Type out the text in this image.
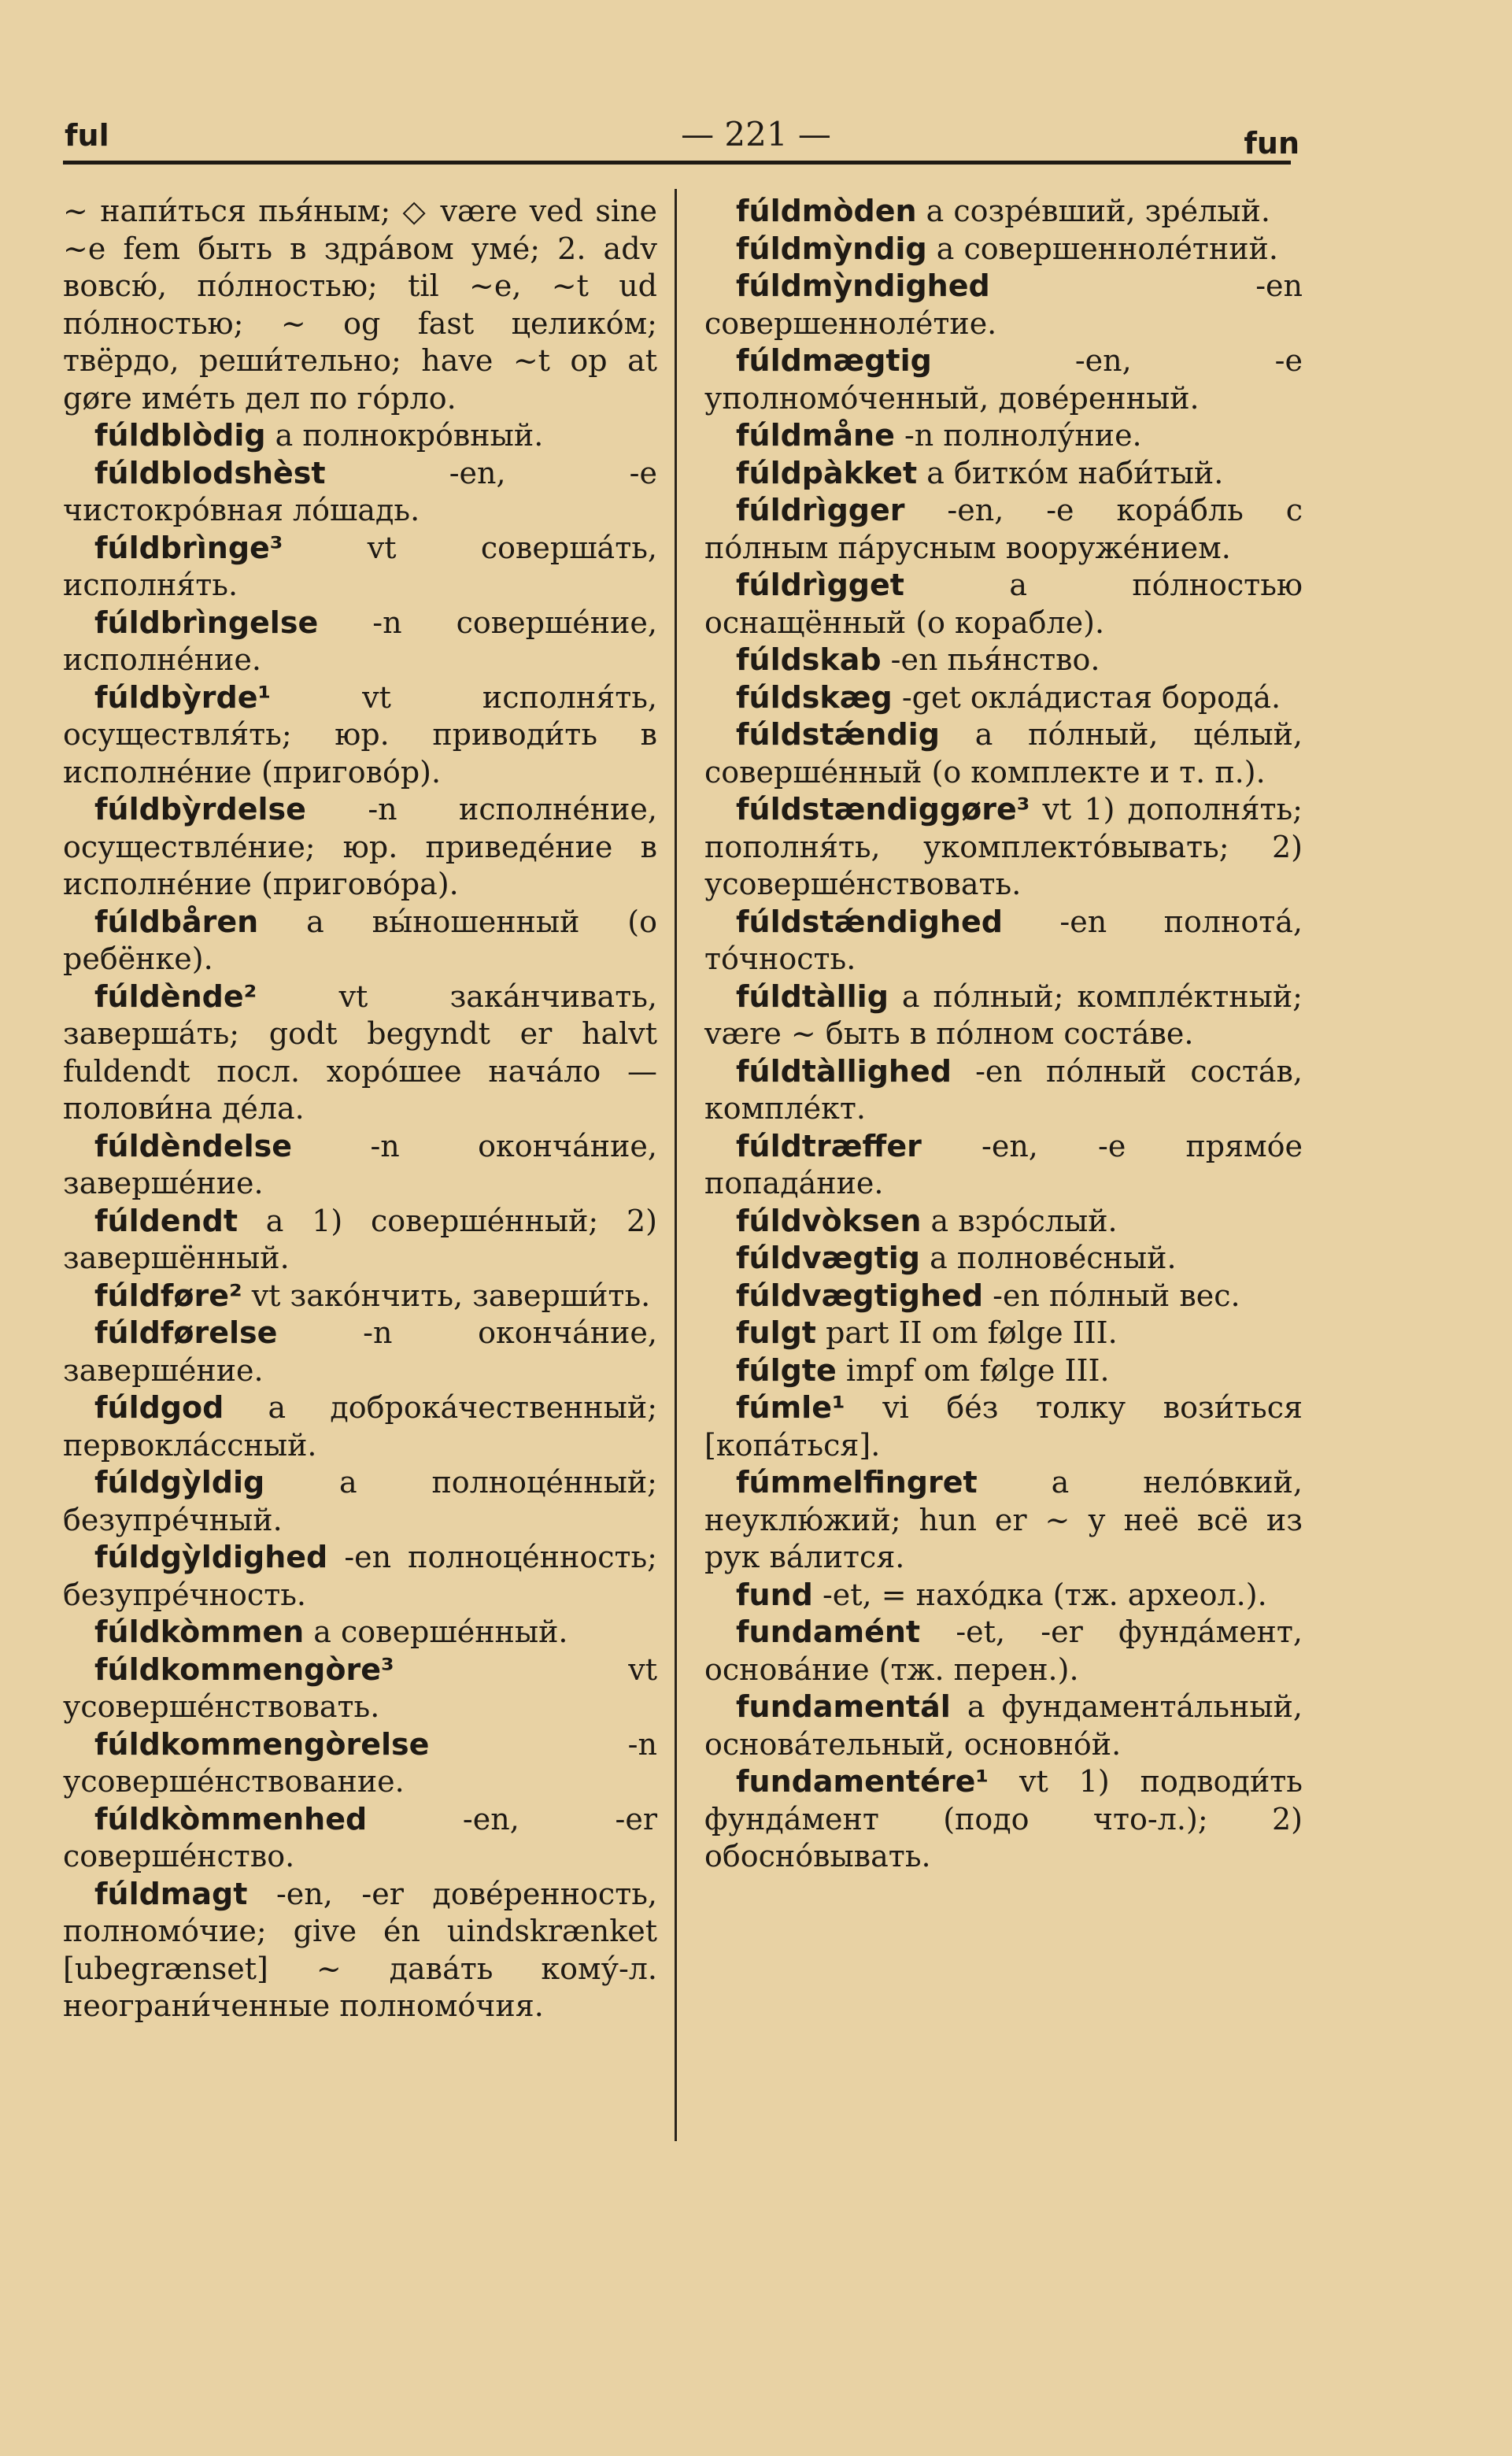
ful	— 221 —	fun

~ напи́ться пья́ным; ◇ være ved sine ~e fem быть в здра́вом уме́; 2. adv вовсю́, по́лностью; til ~e, ~t ud по́лностью; ~ og fast целико́м; твёрдо, реши́тельно; have ~t op at gøre име́ть дел по го́рло.

fúldblòdig a полнокро́вный.

fúldblodshèst	-en, -e чистокро́вная ло́шадь.

fúldbrìnge³	vt соверша́ть, исполня́ть.

fúldbrìngelse -n соверше́ние, исполне́ние.

fúldbỳrde¹	vt исполня́ть, осуществля́ть; юр. приводи́ть в исполне́ние (пригово́р).

fúldbỳrdelse -n исполне́ние, осуществле́ние; юр. приведе́ние в исполне́ние (пригово́ра).

fúldbåren a вы́ношенный (о ребёнке).

fúldènde²	vt зака́нчивать, заверша́ть; godt begyndt er halvt fuldendt посл. хоро́шее нача́ло — полови́на де́ла.

fúldèndelse	-n оконча́ние, заверше́ние.

fúldendt a 1) соверше́нный; 2) завершённый.

fúldføre² vt зако́нчить, заверши́ть.

fúldførelse	-n оконча́ние, заверше́ние.

fúldgod a доброка́чественный; первокла́ссный.

fúldgỳldig a полноце́нный; безупре́чный.

fúldgỳldighed -en полноце́нность; безупре́чность.

fúldkòmmen a соверше́нный.

fúldkommengòre³	vt усоверше́нствовать.

fúldkommengòrelse	-n усоверше́нствование.

fúldkòmmenhed	-en, -er соверше́нство.

fúldmagt -en, -er дове́ренность, полномо́чие; give én uindskrænket [ubegrænset] ~ дава́ть кому́-л. неограни́ченные полномо́чия.

fúldmòden a созре́вший, зре́лый.

fúldmỳndig a совершенноле́тний.

fúldmỳndighed	-en совершенноле́тие.

fúldmægtig	-en, -e уполномо́ченный, дове́ренный.

fúldmåne -n полнолу́ние.

fúldpàkket a битко́м наби́тый.

fúldrìgger -en, -e кора́бль с по́лным па́русным вооруже́нием.

fúldrìgget	a по́лностью оснащённый (о корабле).

fúldskab -en пья́нство.

fúldskæg -get окла́дистая борода́.

fúldstǽndig a по́лный, це́лый, соверше́нный (о комплекте и т. п.).

fúldstændiggøre³ vt 1) дополня́ть; пополня́ть, укомплекто́вывать; 2) усоверше́нствовать.

fúldstǽndighed -en полнота́, то́чность.

fúldtàllig a по́лный; компле́ктный; være ~ быть в по́лном соста́ве.

fúldtàllighed -en по́лный соста́в, компле́кт.

fúldtræffer -en, -e прямо́е попада́ние.

fúldvòksen a взро́слый.

fúldvægtig a полнове́сный.

fúldvægtighed -en по́лный вес.

fulgt part II om følge III.

fúlgte impf om følge III.

fúmle¹ vi бе́з толку вози́ться [копа́ться].

fúmmelfingret a нело́вкий, неуклю́жий; hun er ~ у неё всё из рук ва́лится.

fund -et, = нахо́дка (тж. археол.).

fundamént -et, -er фунда́мент, основа́ние (тж. перен.).

fundamentál a фундамента́льный, основа́тельный, основно́й.

fundamentére¹ vt 1) подводи́ть фунда́мент (подо что-л.); 2) обосно́вывать.
